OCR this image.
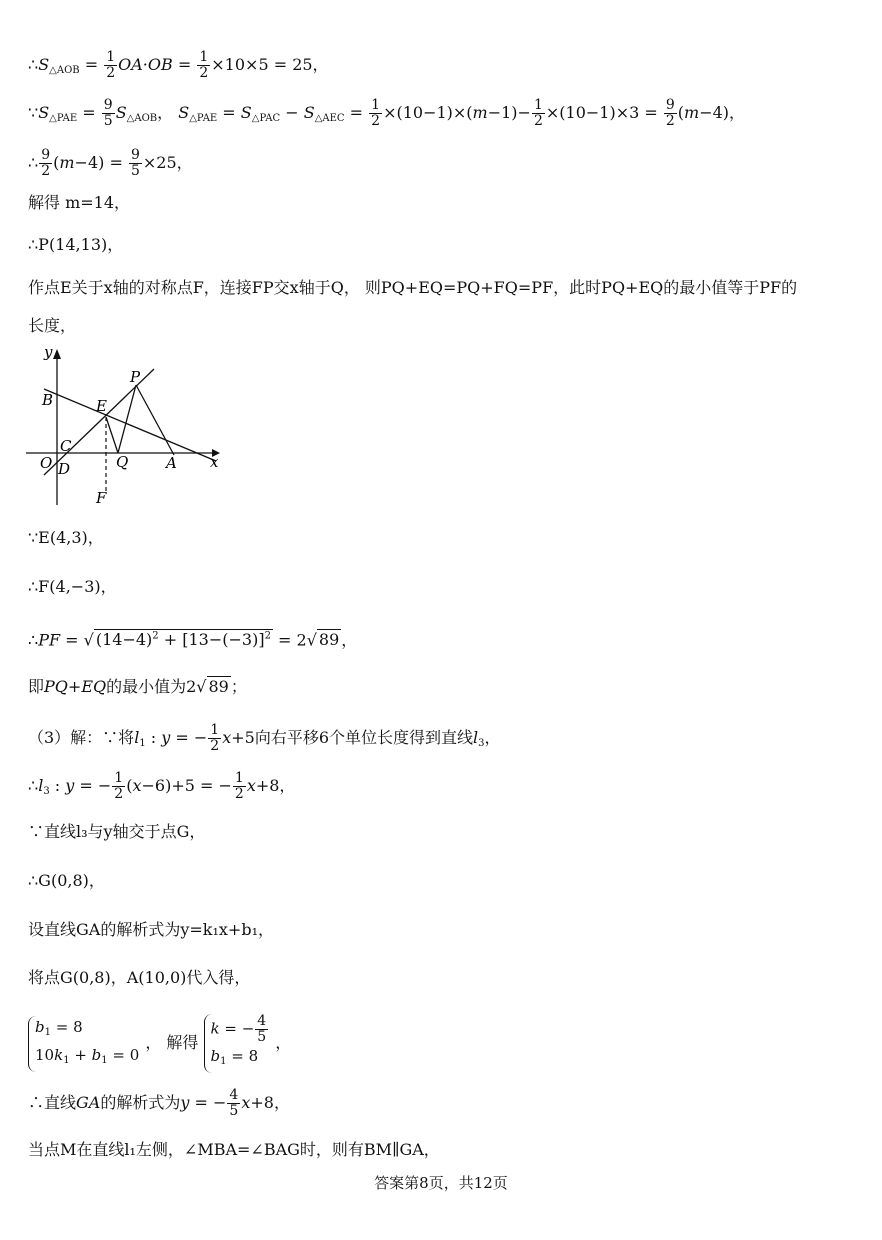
$\therefore S_{\triangle AOB} = \frac{1}{2} OA\cdot OB = \frac{1}{2} \times 10\times 5 = 25$，
$\because S_{\triangle PAE} = \frac{9}{5} S_{\triangle AOB}$， $S_{\triangle PAE} = S_{\triangle PAC} - S_{\triangle AEC} = \frac{1}{2} \times(10-1)\times(m-1)- \frac{1}{2} \times(10-1)\times 3 = \frac{9}{2} (m-4)$，
∴ $\frac{9}{2} (m-4) = \frac{9}{5} \times 25$，
解得 m=14，
∴P(14,13)，
作点E关于x轴的对称点F，连接FP交x轴于Q， 则PQ+EQ=PQ+FQ=PF，此时PQ+EQ的最小值等于PF的
长度，
y
x
B	E
P
C
O D	Q	A
F
∵E(4,3)，
∴F(4,−3)，
∴PF = √ $(14-4)^2 + [13-(-3)]^2 = 2√$ 89 ，
即PQ+EQ的最小值为2√ 89 ；
（3）解：∵将$l_1$ : y = − $\frac{1}{2} x+5$向右平移6个单位长度得到直线$l_3$，
$\therefore l_3$ : y = − $\frac{1}{2} (x-6)+5$ = − $\frac{1}{2} x+8$，
∵直线l₃与y轴交于点G，
∴G(0,8)，
设直线GA的解析式为y=k₁x+b₁，
将点G(0,8)，A(10,0)代入得，
$b_1 = 8$
$10k_1 + b_1 = 0$
， 解得
k = − $\frac{4}{5}$
$b_1 = 8$
，
∴直线GA的解析式为y = − $\frac{4}{5} x+8$，
当点M在直线l₁左侧，∠MBA=∠BAG时，则有BM∥GA，
答案第8页，共12页
